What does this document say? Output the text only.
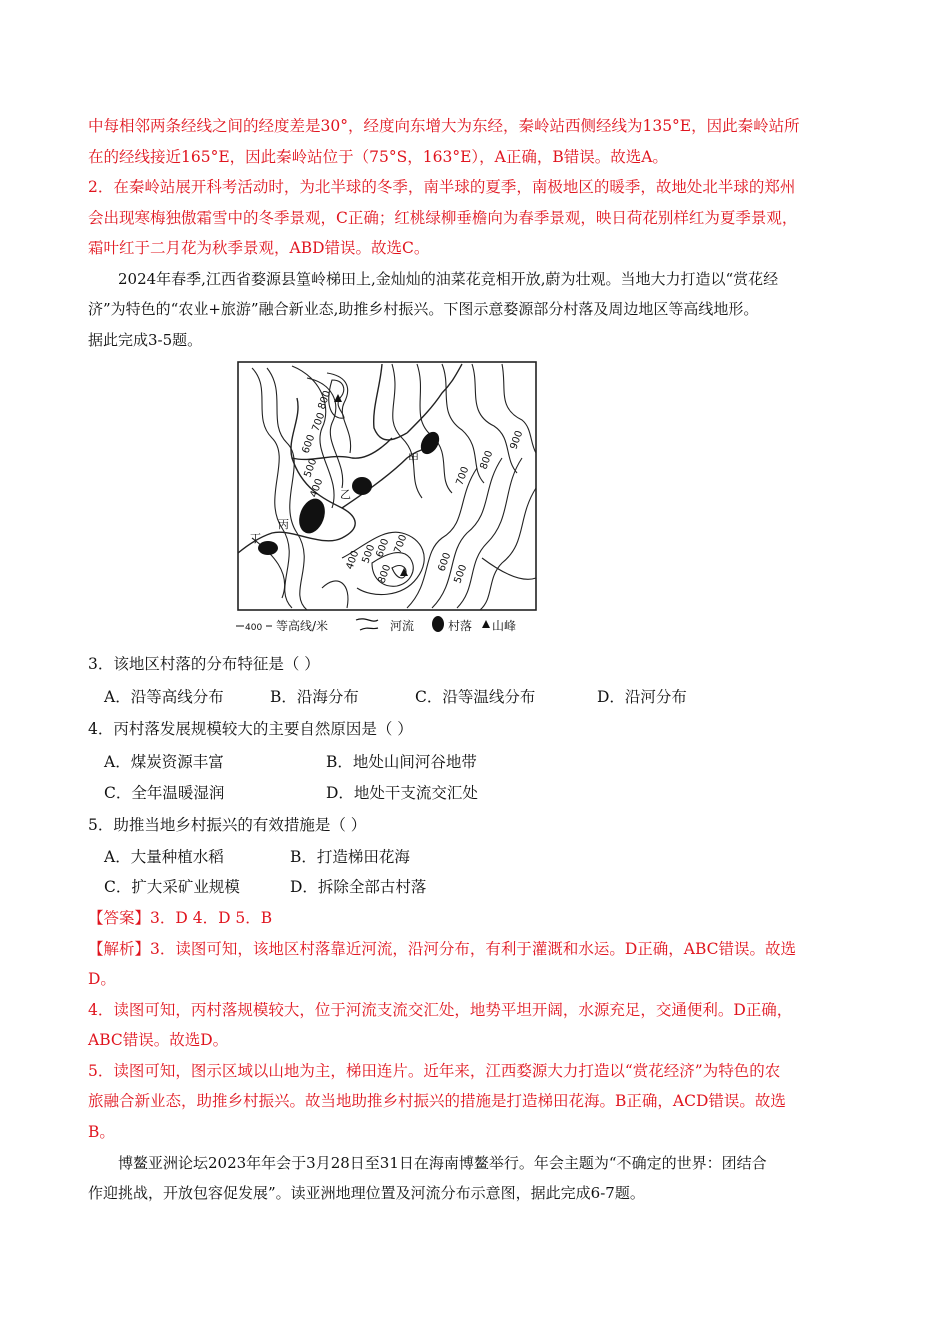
中每相邻两条经线之间的经度差是30°，经度向东增大为东经，秦岭站西侧经线为135°E，因此秦岭站所
在的经线接近165°E，因此秦岭站位于（75°S，163°E），A正确，B错误。故选A。
2．在秦岭站展开科考活动时，为北半球的冬季，南半球的夏季，南极地区的暖季，故地处北半球的郑州
会出现寒梅独傲霜雪中的冬季景观，C正确；红桃绿柳垂檐向为春季景观，映日荷花别样红为夏季景观，
霜叶红于二月花为秋季景观，ABD错误。故选C。
2024年春季,江西省婺源县篁岭梯田上,金灿灿的油菜花竞相开放,蔚为壮观。当地大力打造以“赏花经
济”为特色的“农业+旅游”融合新业态,助推乡村振兴。下图示意婺源部分村落及周边地区等高线地形。
据此完成3-5题。
800
700
600
500
400
甲
乙
丙
丁
700
800
900
400 500
600 700
800
600
500
400 等高线/米	河流	村落 山峰
3．该地区村落的分布特征是（ ）
A．沿等高线分布	B．沿海分布	C．沿等温线分布	D．沿河分布
4．丙村落发展规模较大的主要自然原因是（ ）
A．煤炭资源丰富	B．地处山间河谷地带
C．全年温暖湿润	D．地处干支流交汇处
5．助推当地乡村振兴的有效措施是（ ）
A．大量种植水稻	B．打造梯田花海
C．扩大采矿业规模	D．拆除全部古村落
【答案】3．D 4．D 5．B
【解析】3．读图可知，该地区村落靠近河流，沿河分布，有利于灌溉和水运。D正确，ABC错误。故选
D。
4．读图可知，丙村落规模较大，位于河流支流交汇处，地势平坦开阔，水源充足，交通便利。D正确，
ABC错误。故选D。
5．读图可知，图示区域以山地为主，梯田连片。近年来，江西婺源大力打造以“赏花经济”为特色的农
旅融合新业态，助推乡村振兴。故当地助推乡村振兴的措施是打造梯田花海。B正确，ACD错误。故选
B。
博鳌亚洲论坛2023年年会于3月28日至31日在海南博鳌举行。年会主题为“不确定的世界：团结合
作迎挑战，开放包容促发展”。读亚洲地理位置及河流分布示意图，据此完成6-7题。
